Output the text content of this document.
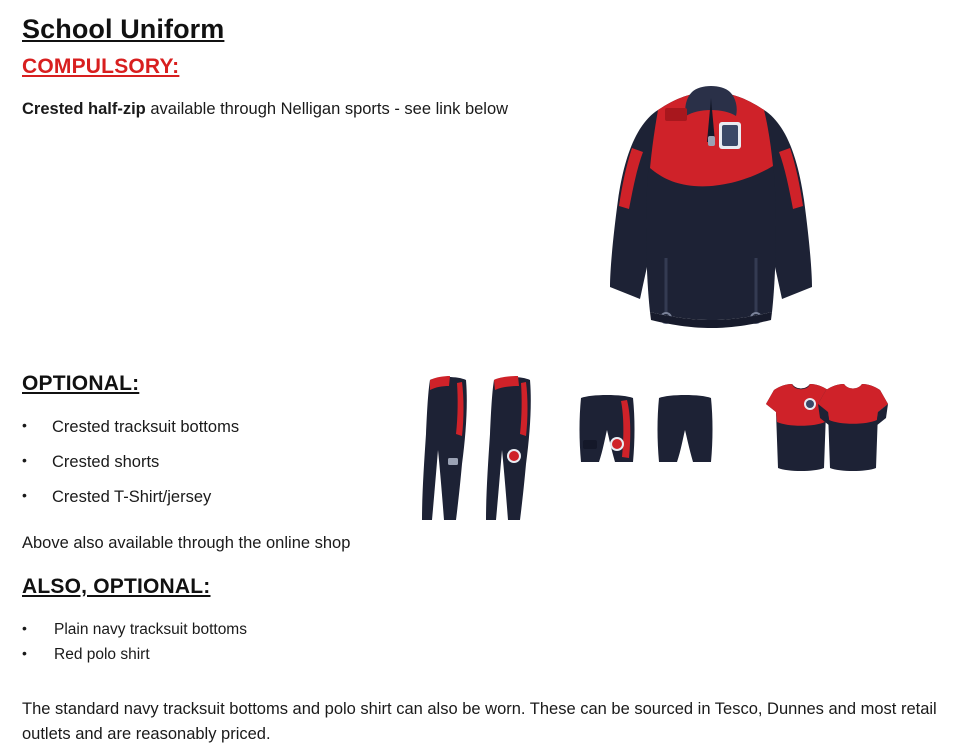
School Uniform
COMPULSORY:
Crested half-zip available through Nelligan sports - see link below
OPTIONAL:
• Crested tracksuit bottoms
• Crested shorts
• Crested T-Shirt/jersey
Above also available through the online shop
ALSO, OPTIONAL:
• Plain navy tracksuit bottoms
• Red polo shirt
The standard navy tracksuit bottoms and polo shirt can also be worn. These can be sourced in Tesco, Dunnes and most retail outlets and are reasonably priced.
